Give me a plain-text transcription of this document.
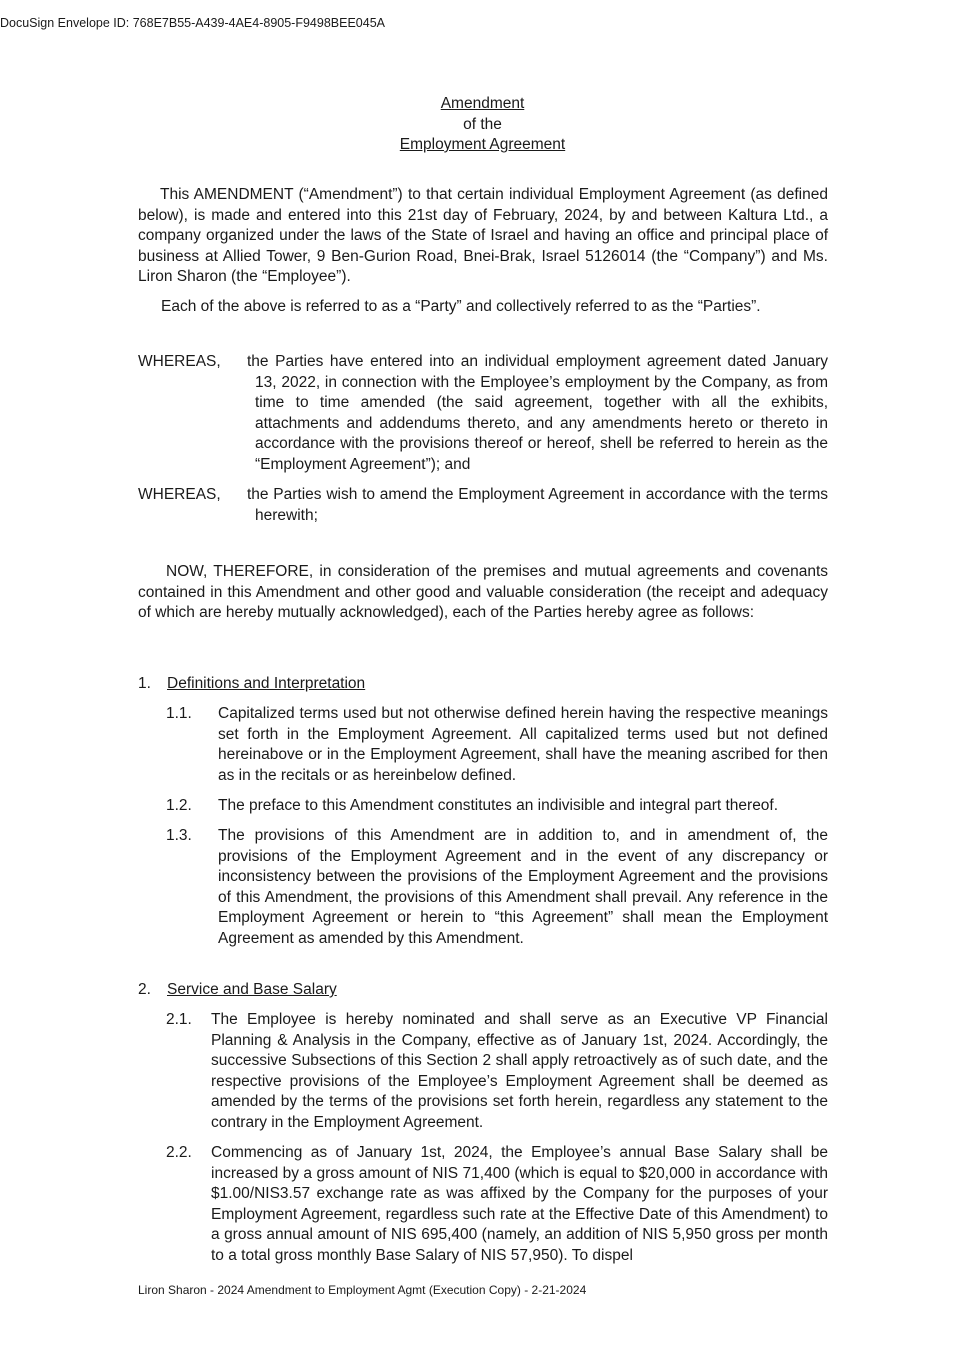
DocuSign Envelope ID: 768E7B55-A439-4AE4-8905-F9498BEE045A
Amendment
of the
Employment Agreement
This AMENDMENT (“Amendment”) to that certain individual Employment Agreement (as defined below), is made and entered into this 21st day of February, 2024, by and between Kaltura Ltd., a company organized under the laws of the State of Israel and having an office and principal place of business at Allied Tower, 9 Ben-Gurion Road, Bnei-Brak, Israel 5126014 (the “Company”) and Ms. Liron Sharon (the “Employee”).
Each of the above is referred to as a “Party” and collectively referred to as the “Parties”.
WHEREAS, the Parties have entered into an individual employment agreement dated January 13, 2022, in connection with the Employee’s employment by the Company, as from time to time amended (the said agreement, together with all the exhibits, attachments and addendums thereto, and any amendments hereto or thereto in accordance with the provisions thereof or hereof, shell be referred to herein as the “Employment Agreement”); and
WHEREAS, the Parties wish to amend the Employment Agreement in accordance with the terms herewith;
NOW, THEREFORE, in consideration of the premises and mutual agreements and covenants contained in this Amendment and other good and valuable consideration (the receipt and adequacy of which are hereby mutually acknowledged), each of the Parties hereby agree as follows:
1. Definitions and Interpretation
1.1. Capitalized terms used but not otherwise defined herein having the respective meanings set forth in the Employment Agreement. All capitalized terms used but not defined hereinabove or in the Employment Agreement, shall have the meaning ascribed for then as in the recitals or as hereinbelow defined.
1.2. The preface to this Amendment constitutes an indivisible and integral part thereof.
1.3. The provisions of this Amendment are in addition to, and in amendment of, the provisions of the Employment Agreement and in the event of any discrepancy or inconsistency between the provisions of the Employment Agreement and the provisions of this Amendment, the provisions of this Amendment shall prevail. Any reference in the Employment Agreement or herein to “this Agreement” shall mean the Employment Agreement as amended by this Amendment.
2. Service and Base Salary
2.1. The Employee is hereby nominated and shall serve as an Executive VP Financial Planning & Analysis in the Company, effective as of January 1st, 2024. Accordingly, the successive Subsections of this Section 2 shall apply retroactively as of such date, and the respective provisions of the Employee’s Employment Agreement shall be deemed as amended by the terms of the provisions set forth herein, regardless any statement to the contrary in the Employment Agreement.
2.2. Commencing as of January 1st, 2024, the Employee’s annual Base Salary shall be increased by a gross amount of NIS 71,400 (which is equal to $20,000 in accordance with $1.00/NIS3.57 exchange rate as was affixed by the Company for the purposes of your Employment Agreement, regardless such rate at the Effective Date of this Amendment) to a gross annual amount of NIS 695,400 (namely, an addition of NIS 5,950 gross per month to a total gross monthly Base Salary of NIS 57,950). To dispel
Liron Sharon - 2024 Amendment to Employment Agmt (Execution Copy) - 2-21-2024
